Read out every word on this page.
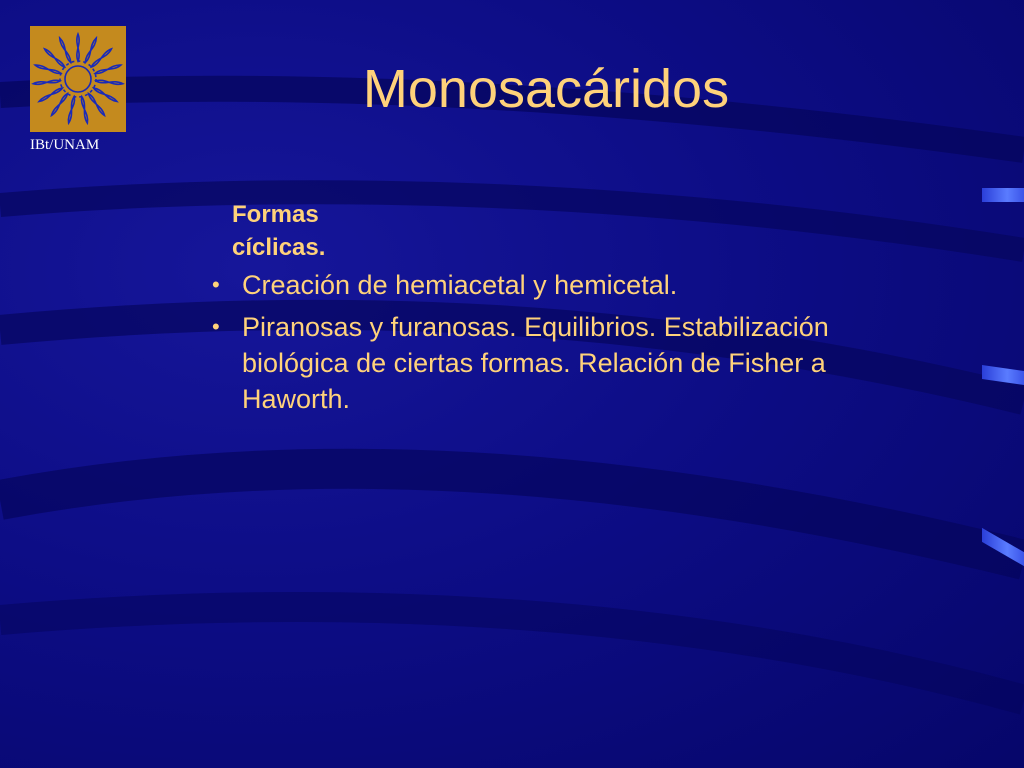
IBt/UNAM
Monosacáridos
Formas cíclicas.
• Creación de hemiacetal y hemicetal.
• Piranosas y furanosas. Equilibrios. Estabilización biológica de ciertas formas. Relación de Fisher a Haworth.
